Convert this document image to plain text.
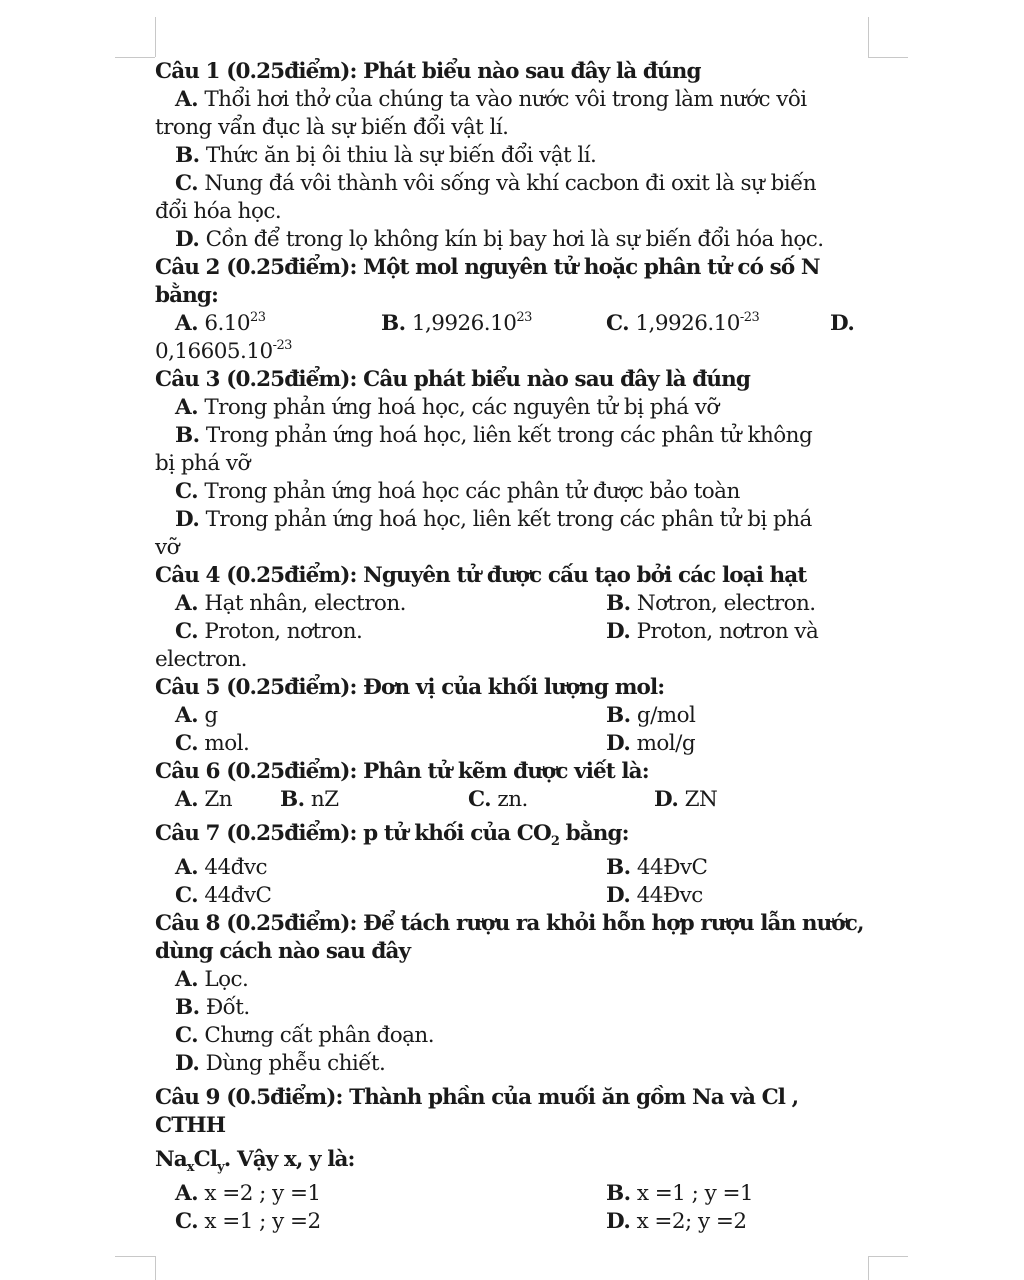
Câu 1 (0.25điểm): Phát biểu nào sau đây là đúng
A. Thổi hơi thở của chúng ta vào nước vôi trong làm nước vôi
trong vẩn đục là sự biến đổi vật lí.
B. Thức ăn bị ôi thiu là sự biến đổi vật lí.
C. Nung đá vôi thành vôi sống và khí cacbon đi oxit là sự biến
đổi hóa học.
D. Cồn để trong lọ không kín bị bay hơi là sự biến đổi hóa học.
Câu 2 (0.25điểm): Một mol nguyên tử hoặc phân tử có số N bằng:
A. 6.10$^{23}$	B. 1,9926.10$^{23}$	C. $1,9926.10^{-23}$	D.
$0,16605.10^{-23}$
Câu 3 (0.25điểm): Câu phát biểu nào sau đây là đúng
A. Trong phản ứng hoá học, các nguyên tử bị phá vỡ
B. Trong phản ứng hoá học, liên kết trong các phân tử không
bị phá vỡ
C. Trong phản ứng hoá học các phân tử được bảo toàn
D. Trong phản ứng hoá học, liên kết trong các phân tử bị phá
vỡ
Câu 4 (0.25điểm): Nguyên tử được cấu tạo bởi các loại hạt
A. Hạt nhân, electron.	B. Nơtron, electron.
C. Proton, nơtron.	D. Proton, nơtron và
electron.
Câu 5 (0.25điểm): Đơn vị của khối lượng mol:
A. g	B. g/mol
C. mol.	D. mol/g
Câu 6 (0.25điểm): Phân tử kẽm được viết là:
A. Zn B. nZ	C. zn.	D. ZN
Câu 7 (0.25điểm): p tử khối của $CO_2$ bằng:
A. 44đvc	B. 44ĐvC
C. 44đvC	D. 44Đvc
Câu 8 (0.25điểm): Để tách rượu ra khỏi hỗn hợp rượu lẫn nước,
dùng cách nào sau đây
A. Lọc.
B. Đốt.
C. Chưng cất phân đoạn.
D. Dùng phễu chiết.
Câu 9 (0.5điểm): Thành phần của muối ăn gồm Na và Cl , CTHH
$Na_xCl_y$. Vậy x, y là:
A. x =2 ; y =1	B. x =1 ; y =1
C. x =1 ; y =2	D. x =2; y =2
